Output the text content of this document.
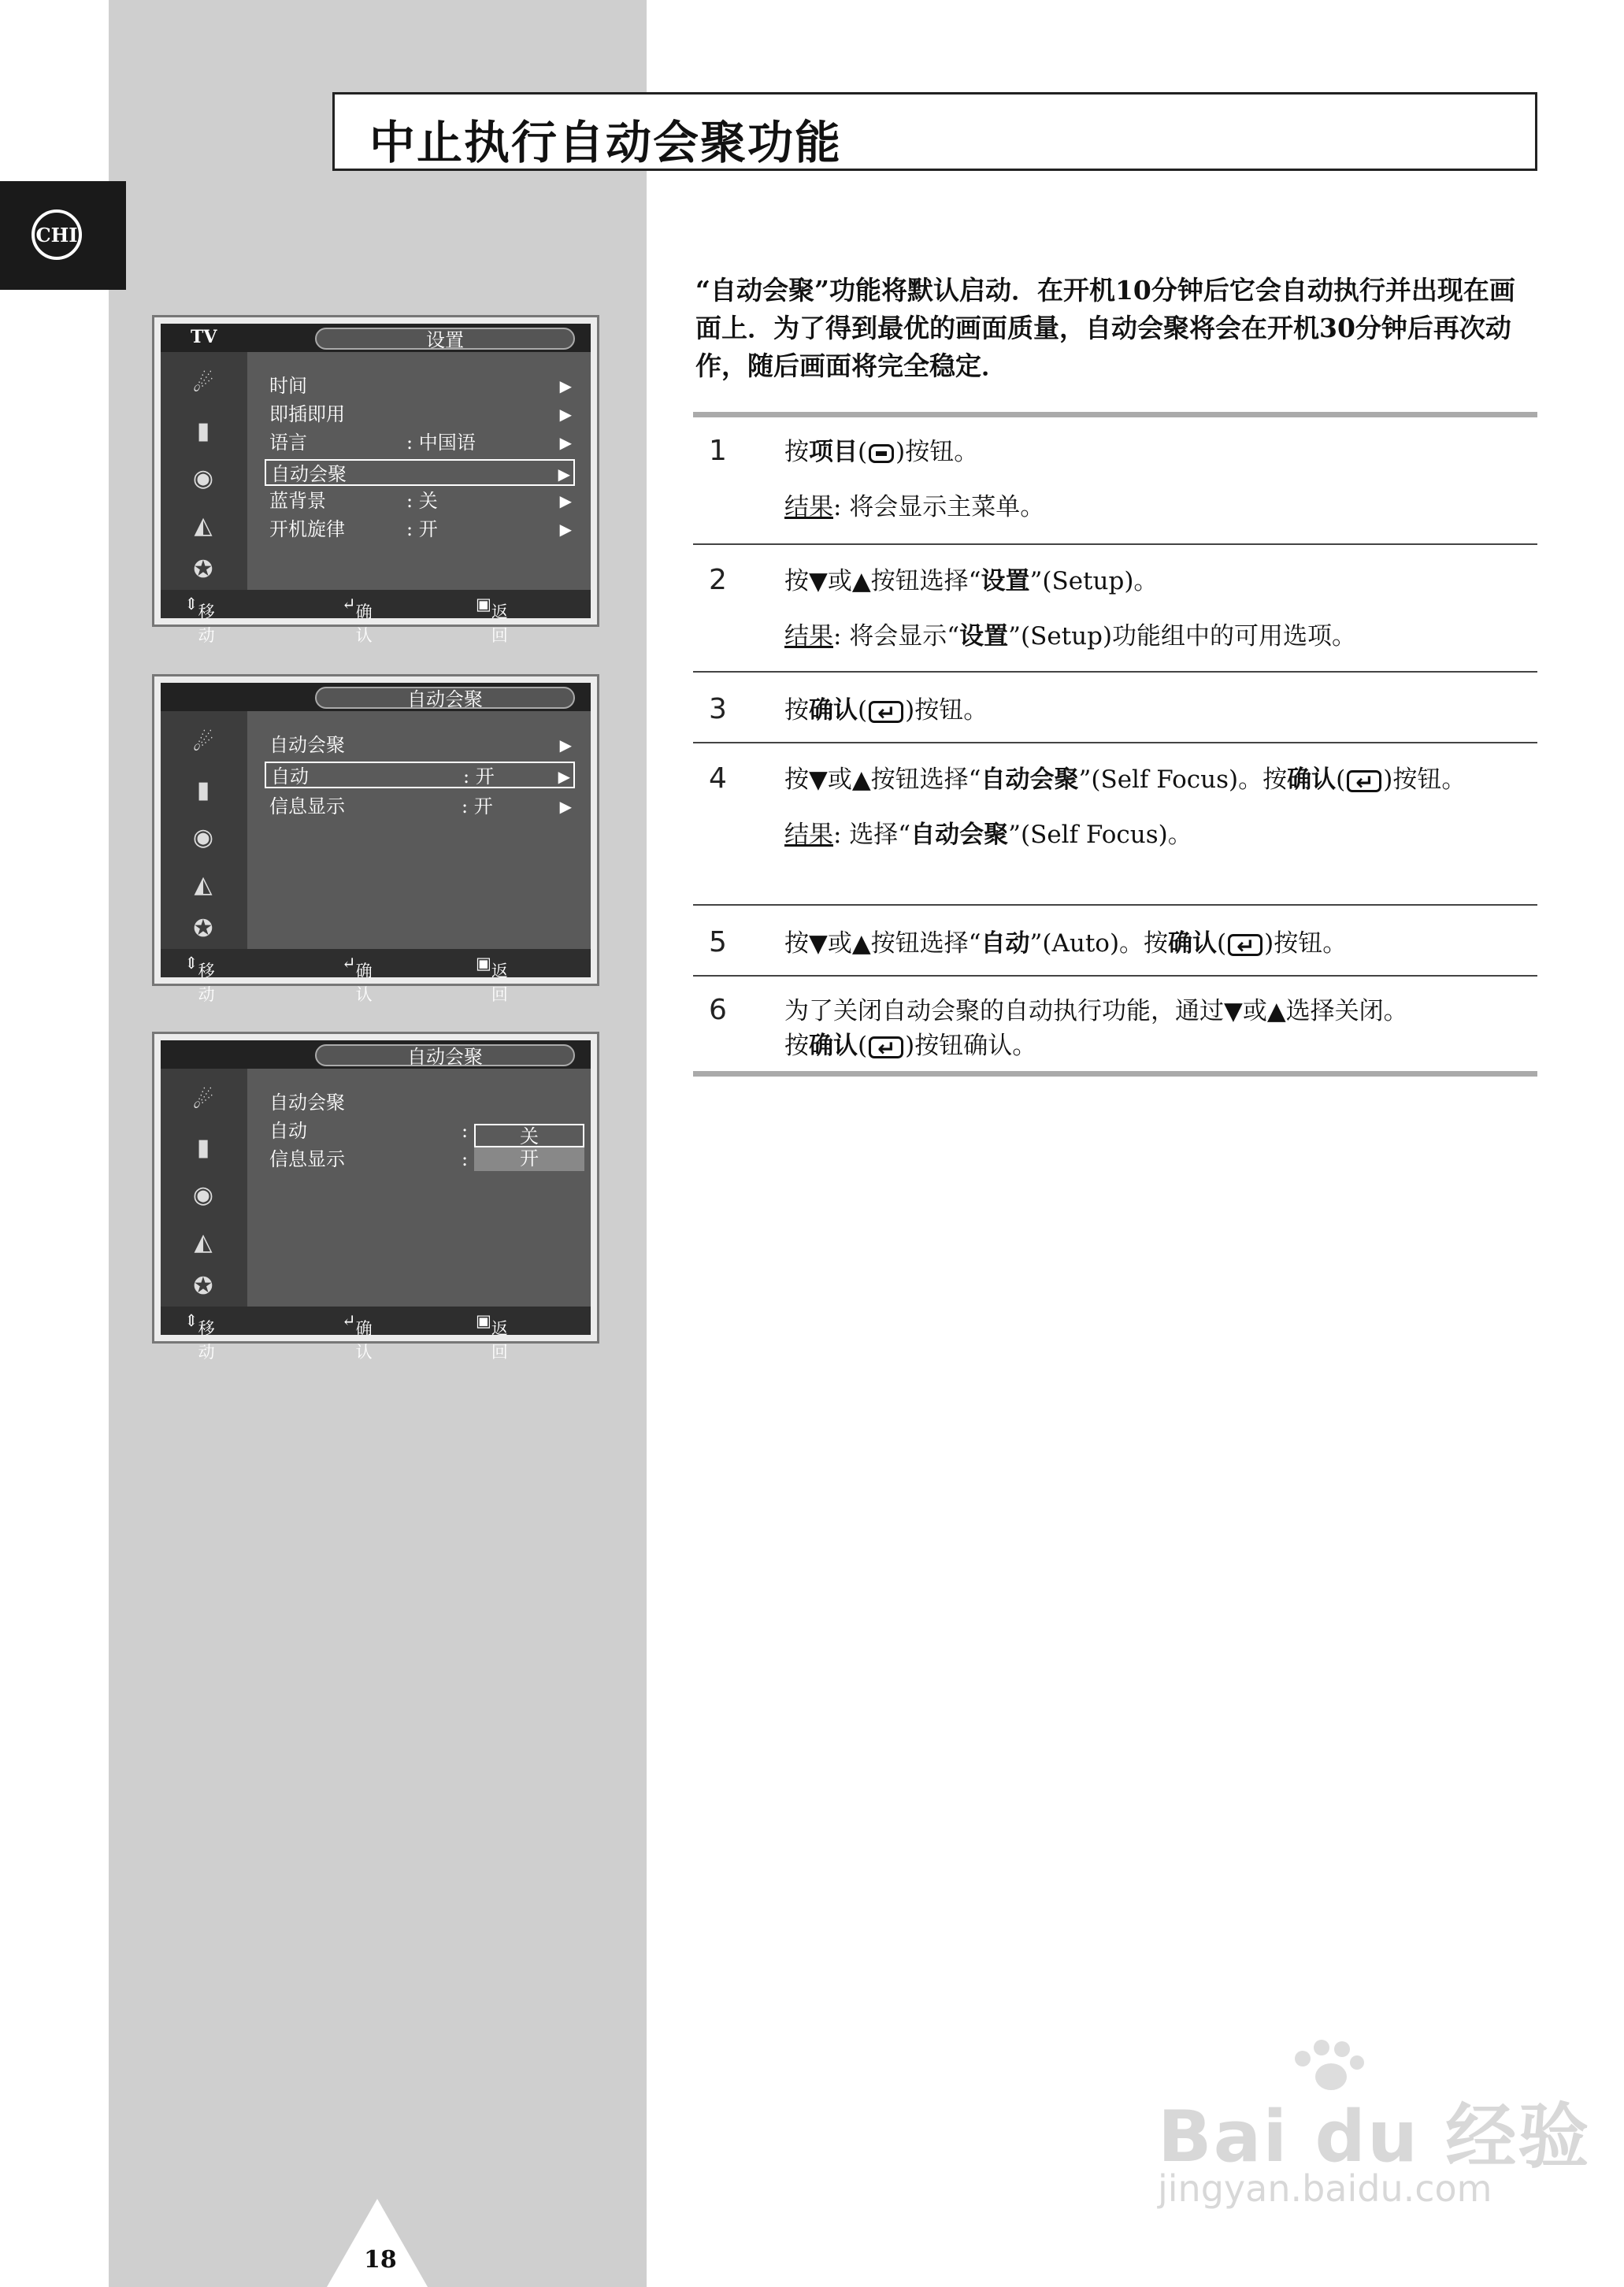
CHI
中止执行自动会聚功能
“自动会聚”功能将默认启动．在开机10分钟后它会自动执行并出现在画面上．为了得到最优的画面质量，自动会聚将会在开机30分钟后再次动作，随后画面将完全稳定．
1 按项目( )按钮。
结果: 将会显示主菜单。
2 按▼或▲按钮选择“设置”(Setup)。
结果: 将会显示“设置”(Setup)功能组中的可用选项。
3 按确认( ↵ )按钮。
4 按▼或▲按钮选择“自动会聚”(Self Focus)。按确认( ↵ )按钮。
结果: 选择“自动会聚”(Self Focus)。
5 按▼或▲按钮选择“自动”(Auto)。按确认( ↵ )按钮。
6 为了关闭自动会聚的自动执行功能，通过▼或▲选择关闭。
按确认( ↵ )按钮确认。
TV	设置
☄
▮
◉
◭
✪
时间	▶
即插即用	▶
语言	: 中国语	▶
自动会聚	▶
蓝背景	: 关	▶
开机旋律	: 开	▶
⇕ 移动
↵ 确认
▣ 返回
自动会聚
☄
▮
◉
◭
✪
自动会聚	▶
自动	: 开	▶
信息显示	: 开	▶
⇕ 移动
↵ 确认
▣ 返回
自动会聚
☄
▮
◉
◭
✪
自动会聚
自动	:
信息显示	:
关
开
⇕ 移动
↵ 确认
▣ 返回
18
Bai du 经验
jingyan.baidu.com
